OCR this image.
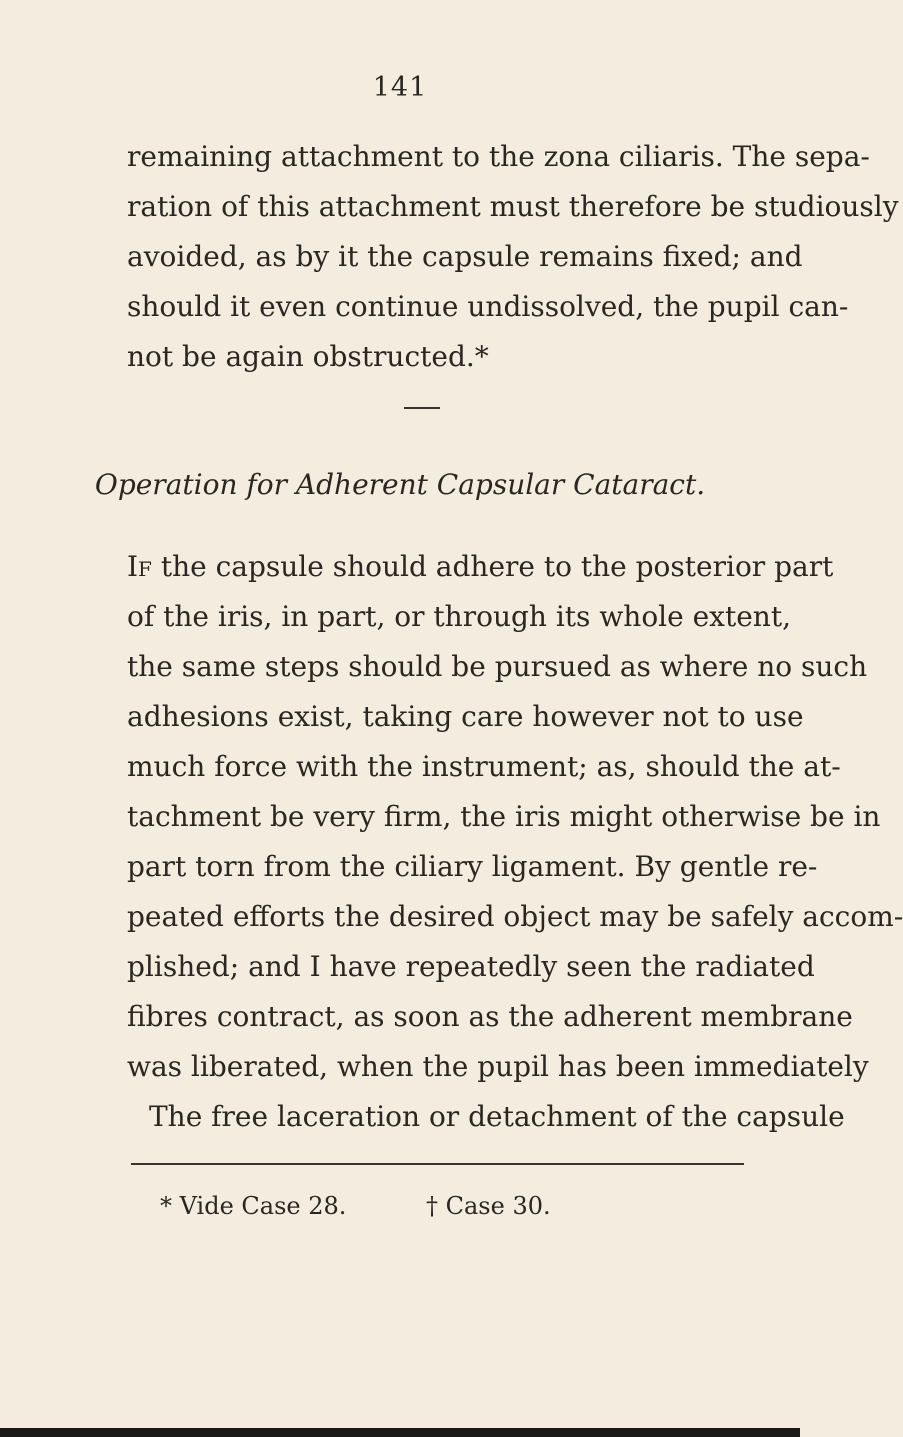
141
remaining attachment to the zona ciliaris. The sepa-
ration of this attachment must therefore be studiously
avoided, as by it the capsule remains fixed; and
should it even continue undissolved, the pupil can-
not be again obstructed.*
Operation for Adherent Capsular Cataract.
If the capsule should adhere to the posterior part
of the iris, in part, or through its whole extent,
the same steps should be pursued as where no such
adhesions exist, taking care however not to use
much force with the instrument; as, should the at-
tachment be very firm, the iris might otherwise be in
part torn from the ciliary ligament. By gentle re-
peated efforts the desired object may be safely accom-
plished; and I have repeatedly seen the radiated
fibres contract, as soon as the adherent membrane
was liberated, when the pupil has been immediately
The free laceration or detachment of the capsule
* Vide Case 28.	† Case 30.
